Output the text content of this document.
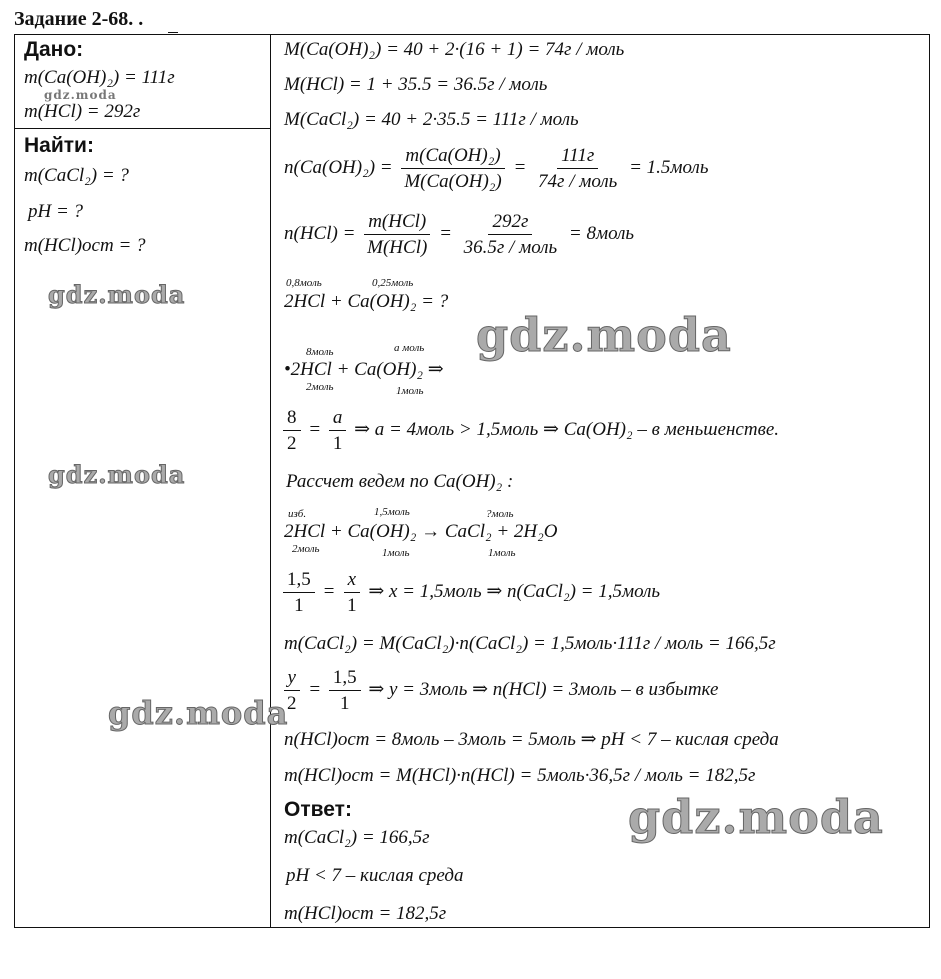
Задание 2-68. .
Дано:
m(Ca(OH)₂) = 111г
m(HCl) = 292г
Найти:
m(CaCl₂) = ?
pH = ?
m(HCl)ост = ?
M(Ca(OH)₂) = 40 + 2·(16 + 1) = 74г / моль
M(HCl) = 1 + 35.5 = 36.5г / моль
M(CaCl₂) = 40 + 2·35.5 = 111г / моль
$n(Ca(OH)_2) = \frac{\text{m(Ca(OH)₂)}}{\text{M(Ca(OH)₂)}} = \frac{111г}{\text{74г / моль}}$ = 1.5моль
$n(HCl) = \frac{\text{m(HCl)}}{\text{M(HCl)}} = \frac{292г}{\text{36.5г / моль}}$ = 8моль
0,8моль	0,25моль
2HCl + Ca(OH)₂ = ?
8моль	а моль
•2HCl + Ca(OH)₂ ⇒
2моль	1моль
$\frac{8}{2} = \frac{a}{1}$ ⇒ a = 4моль > 1,5моль ⇒ Ca(OH)₂ – в меньшенстве.
Рассчет ведем по Ca(OH)₂ :
изб.	1,5моль	?моль
2HCl + Ca(OH)₂ → CaCl₂ + 2H₂O
2моль	1моль	1моль
$\frac{1,5}{1} = \frac{x}{1}$ ⇒ x = 1,5моль ⇒ n(CaCl₂) = 1,5моль
m(CaCl₂) = M(CaCl₂)·n(CaCl₂) = 1,5моль·111г / моль = 166,5г
$\frac{y}{2} = \frac{1,5}{1}$ ⇒ y = 3моль ⇒ n(HCl) = 3моль – в избытке
n(HCl)ост = 8моль – 3моль = 5моль ⇒ pH < 7 – кислая среда
m(HCl)ост = M(HCl)·n(HCl) = 5моль·36,5г / моль = 182,5г
Ответ:
m(CaCl₂) = 166,5г
pH < 7 – кислая среда
m(HCl)ост = 182,5г
gdz.moda
gdz.moda
gdz.moda
gdz.moda
gdz.moda
gdz.moda
